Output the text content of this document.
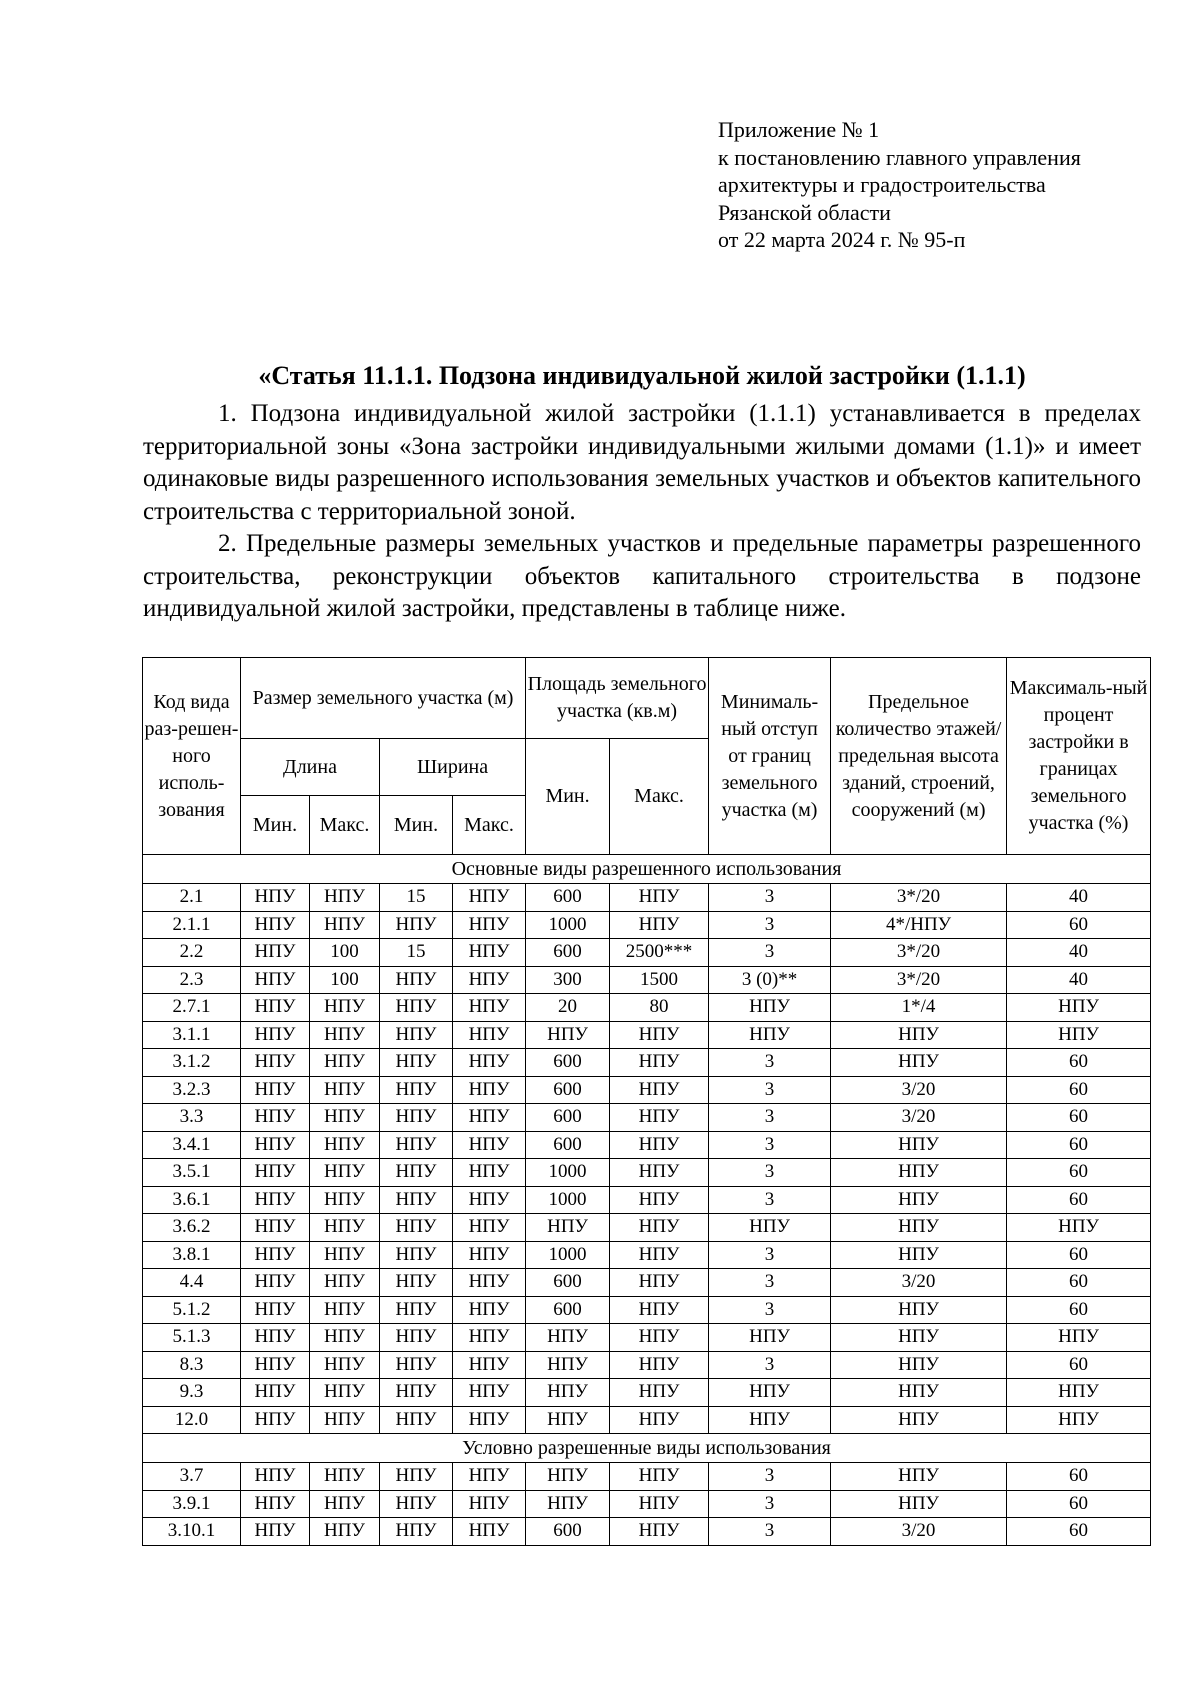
Приложение № 1
к постановлению главного управления
архитектуры и градостроительства
Рязанской области
от 22 марта 2024 г. № 95-п
«Статья 11.1.1. Подзона индивидуальной жилой застройки (1.1.1)

1. Подзона индивидуальной жилой застройки (1.1.1) устанавливается в пределах территориальной зоны «Зона застройки индивидуальными жилыми домами (1.1)» и имеет одинаковые виды разрешенного использования земельных участков и объектов капительного строительства с территориальной зоной.

2. Предельные размеры земельных участков и предельные параметры разрешенного строительства, реконструкции объектов капитального строительства в подзоне индивидуальной жилой застройки, представлены в таблице ниже.

Код вида раз-решен-ного исполь-зования	Размер земельного участка (м)				Площадь земельного участка (кв.м)		Минималь-ный отступ от границ земельного участка (м)	Предельное количество этажей/ предельная высота зданий, строений, сооружений (м)	Максималь-ный процент застройки в границах земельного участка (%)
	Длина		Ширина		Мин.	Макс.			
	Мин.	Макс.	Мин.	Макс.					
Основные виды разрешенного использования									
2.1	НПУ	НПУ	15	НПУ	600	НПУ	3	3*/20	40
2.1.1	НПУ	НПУ	НПУ	НПУ	1000	НПУ	3	4*/НПУ	60
2.2	НПУ	100	15	НПУ	600	2500***	3	3*/20	40
2.3	НПУ	100	НПУ	НПУ	300	1500	3 (0)**	3*/20	40
2.7.1	НПУ	НПУ	НПУ	НПУ	20	80	НПУ	1*/4	НПУ
3.1.1	НПУ	НПУ	НПУ	НПУ	НПУ	НПУ	НПУ	НПУ	НПУ
3.1.2	НПУ	НПУ	НПУ	НПУ	600	НПУ	3	НПУ	60
3.2.3	НПУ	НПУ	НПУ	НПУ	600	НПУ	3	3/20	60
3.3	НПУ	НПУ	НПУ	НПУ	600	НПУ	3	3/20	60
3.4.1	НПУ	НПУ	НПУ	НПУ	600	НПУ	3	НПУ	60
3.5.1	НПУ	НПУ	НПУ	НПУ	1000	НПУ	3	НПУ	60
3.6.1	НПУ	НПУ	НПУ	НПУ	1000	НПУ	3	НПУ	60
3.6.2	НПУ	НПУ	НПУ	НПУ	НПУ	НПУ	НПУ	НПУ	НПУ
3.8.1	НПУ	НПУ	НПУ	НПУ	1000	НПУ	3	НПУ	60
4.4	НПУ	НПУ	НПУ	НПУ	600	НПУ	3	3/20	60
5.1.2	НПУ	НПУ	НПУ	НПУ	600	НПУ	3	НПУ	60
5.1.3	НПУ	НПУ	НПУ	НПУ	НПУ	НПУ	НПУ	НПУ	НПУ
8.3	НПУ	НПУ	НПУ	НПУ	НПУ	НПУ	3	НПУ	60
9.3	НПУ	НПУ	НПУ	НПУ	НПУ	НПУ	НПУ	НПУ	НПУ
12.0	НПУ	НПУ	НПУ	НПУ	НПУ	НПУ	НПУ	НПУ	НПУ
Условно разрешенные виды использования									
3.7	НПУ	НПУ	НПУ	НПУ	НПУ	НПУ	3	НПУ	60
3.9.1	НПУ	НПУ	НПУ	НПУ	НПУ	НПУ	3	НПУ	60
3.10.1	НПУ	НПУ	НПУ	НПУ	600	НПУ	3	3/20	60
